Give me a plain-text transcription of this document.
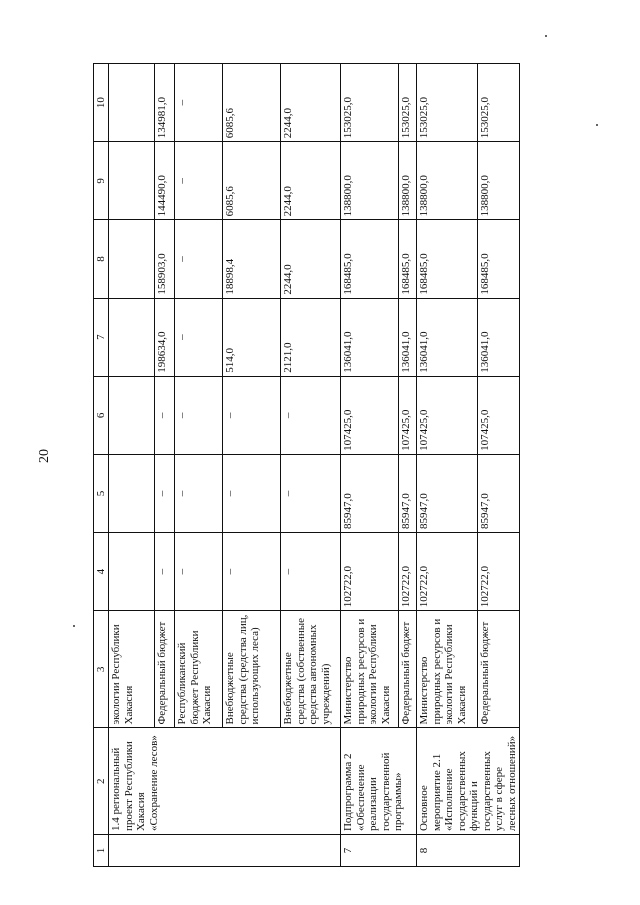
20
1	2	3	4	5	6	7	8	9	10
	1.4 региональный проект Республики Хакасия «Сохранение лесов»	экологии Республики Хакасия							
		Федеральный бюджет	–	–	–	198634,0	158903,0	144490,0	134981,0
		Республиканский бюджет Республики Хакасия	–	–	–	–	–	–	–
		Внебюджетные средства (средства лиц, использующих леса)	–	–	–	514,0	18898,4	6085,6	6085,6
		Внебюджетные средства (собственные средства автономных учреждений)	–	–	–	2121,0	2244,0	2244,0	2244,0
7	Подпрограмма 2 «Обеспечение реализации государственной программы»	Министерство природных ресурсов и экологии Республики Хакасия	102722,0	85947,0	107425,0	136041,0	168485,0	138800,0	153025,0
		Федеральный бюджет	102722,0	85947,0	107425,0	136041,0	168485,0	138800,0	153025,0
8	Основное мероприятие 2.1 «Исполнение государственных функций и государственных услуг в сфере лесных отношений»	Министерство природных ресурсов и экологии Республики Хакасия	102722,0	85947,0	107425,0	136041,0	168485,0	138800,0	153025,0
		Федеральный бюджет	102722,0	85947,0	107425,0	136041,0	168485,0	138800,0	153025,0
